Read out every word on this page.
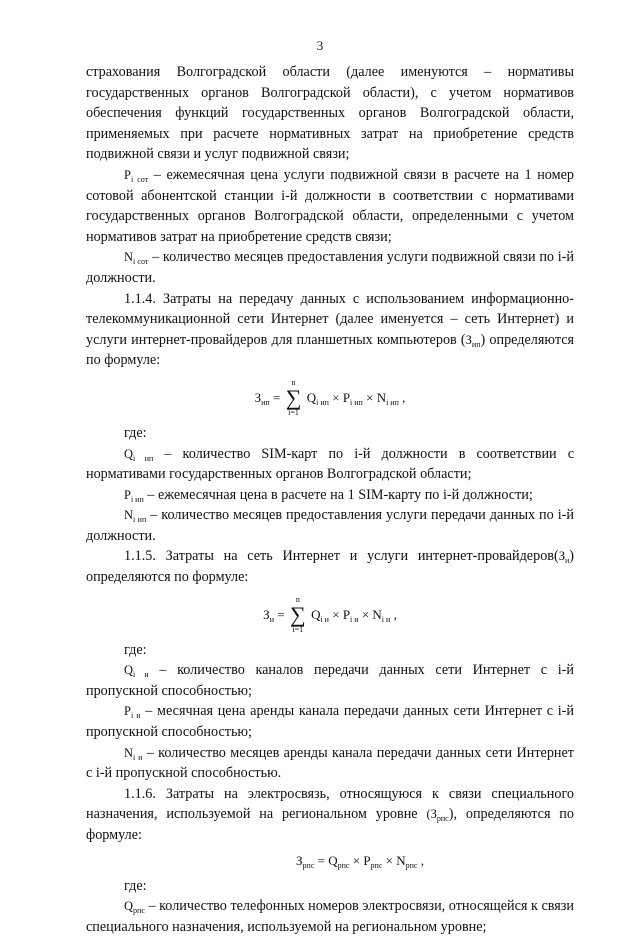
3

страхования Волгоградской области (далее именуются – нормативы государственных органов Волгоградской области), с учетом нормативов обеспечения функций государственных органов Волгоградской области, применяемых при расчете нормативных затрат на приобретение средств подвижной связи и услуг подвижной связи;

$P_{i сот}$ – ежемесячная цена услуги подвижной связи в расчете на 1 номер сотовой абонентской станции i-й должности в соответствии с нормативами государственных органов Волгоградской области, определенными с учетом нормативов затрат на приобретение средств связи;

$N_{i сот}$ – количество месяцев предоставления услуги подвижной связи по i-й должности.

1.1.4. Затраты на передачу данных с использованием информационно-телекоммуникационной сети Интернет (далее именуется – сеть Интернет) и услуги интернет-провайдеров для планшетных компьютеров $(З_{ип})$ определяются по формуле:

$З_{ип}$ =
n
∑
i=1
$Q_{i ип} \times P_{i ип} \times N_{i ип}$ ,

где:

$Q_{i ип}$ – количество SIM-карт по i-й должности в соответствии с нормативами государственных органов Волгоградской области;

$P_{i ип}$ – ежемесячная цена в расчете на 1 SIM-карту по i-й должности;

$N_{i ип}$ – количество месяцев предоставления услуги передачи данных по i-й должности.

1.1.5. Затраты на сеть Интернет и услуги интернет-$провайдеров(З_и)$ определяются по формуле:

$З_и$ =
n
∑
i=1
$Q_{i и} \times P_{i и} \times N_{i и}$ ,

где:

$Q_{i и}$ – количество каналов передачи данных сети Интернет с i-й пропускной способностью;

$P_{i и}$ – месячная цена аренды канала передачи данных сети Интернет с i-й пропускной способностью;

$N_{i и}$ – количество месяцев аренды канала передачи данных сети Интернет с i-й пропускной способностью.

1.1.6. Затраты на электросвязь, относящуюся к связи специального назначения, используемой на региональном уровне $(З_{рпс})$, определяются по формуле:

$З_{рпс} = Q_{рпс} \times P_{рпс} \times N_{рпс}$ ,

где:

$Q_{рпс}$ – количество телефонных номеров электросвязи, относящейся к связи специального назначения, используемой на региональном уровне;
